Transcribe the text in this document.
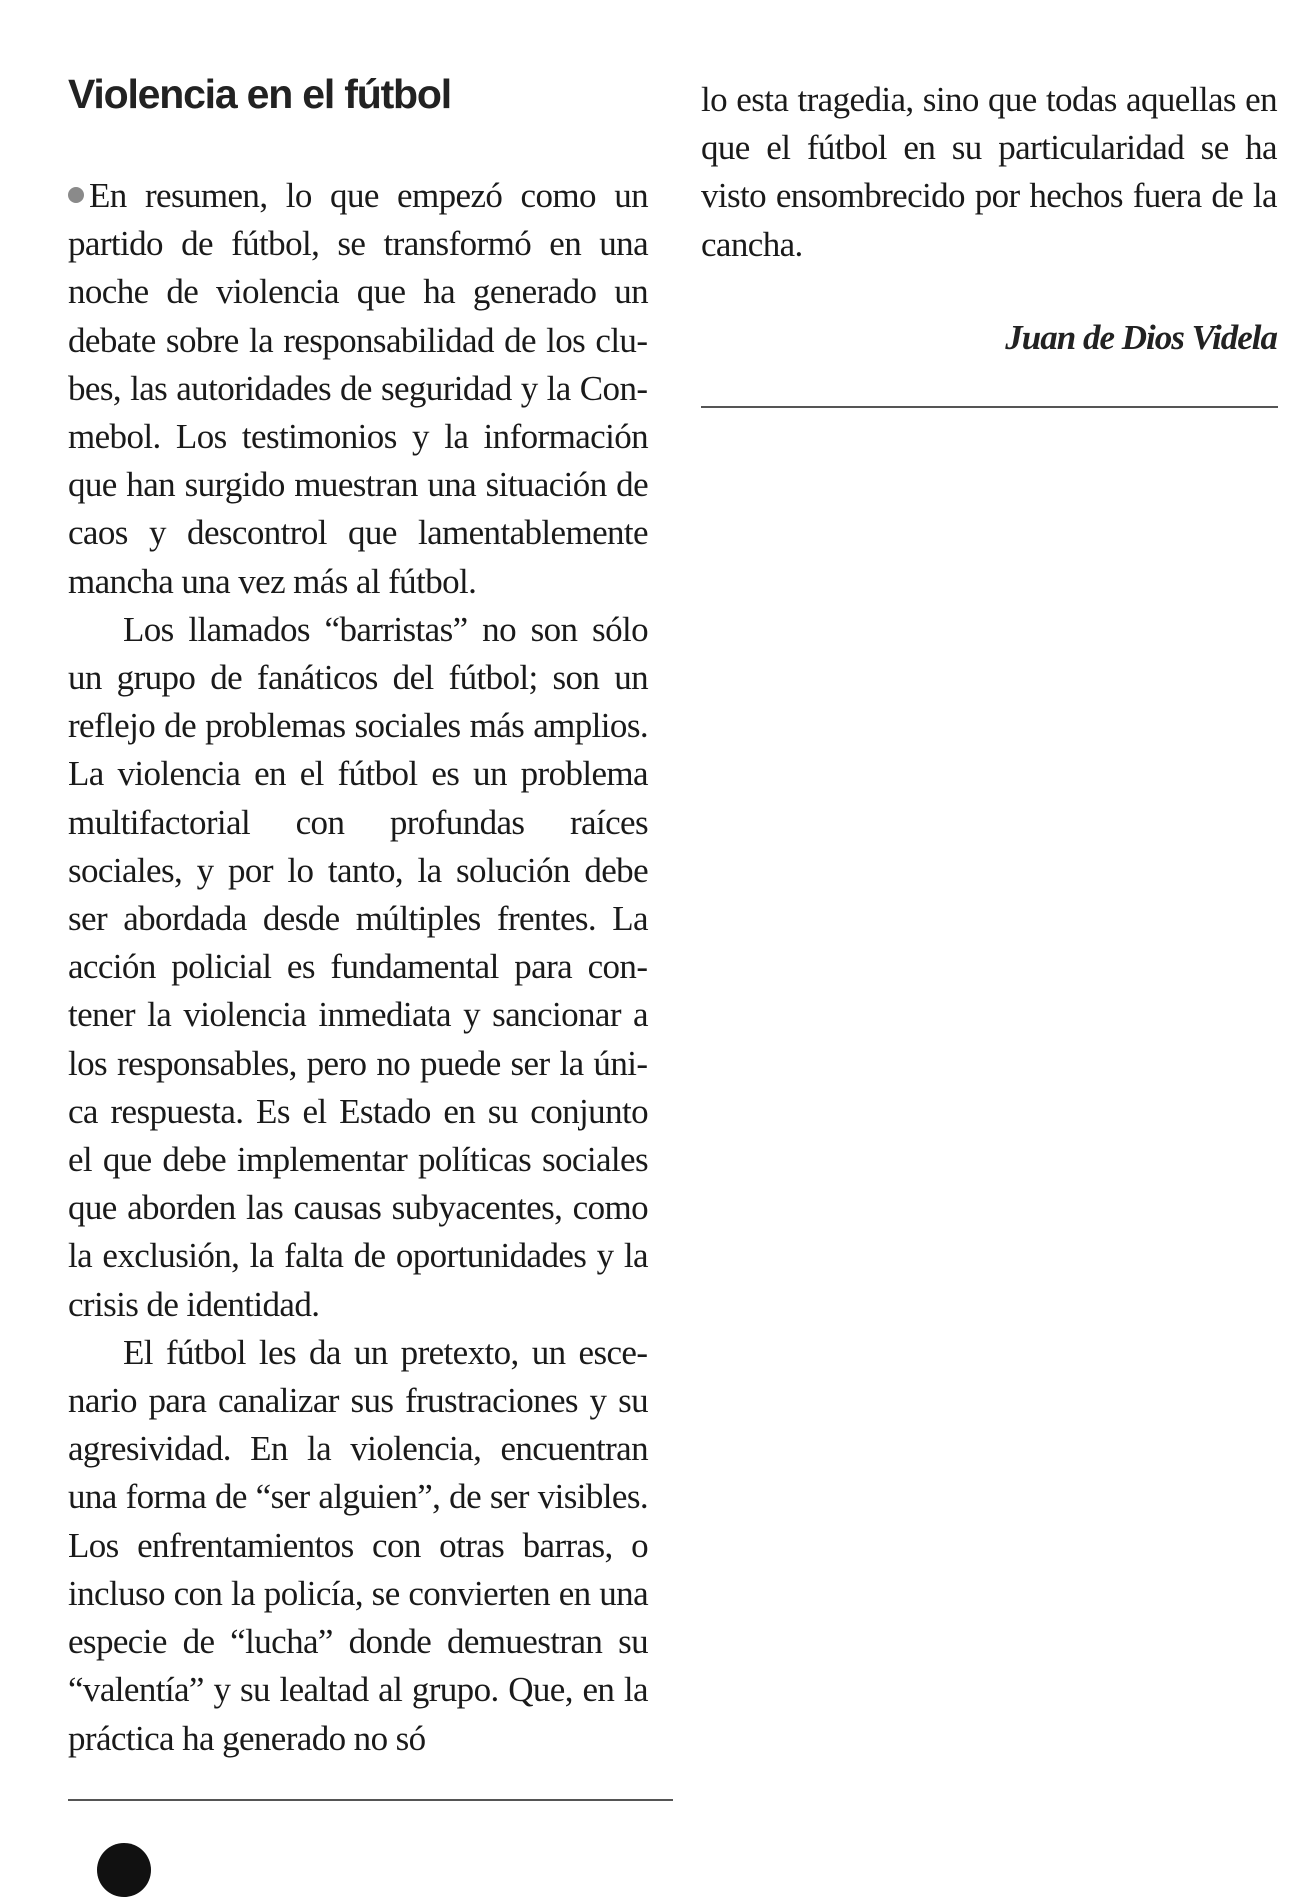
Violencia en el fútbol

En resumen, lo que empezó como un partido de fútbol, se transformó en una noche de violencia que ha generado un debate sobre la responsabilidad de los clubes, las autoridades de seguridad y la Conmebol. Los testimonios y la información que han surgido muestran una situación de caos y descontrol que lamentablemente mancha una vez más al fútbol.

Los llamados “barristas” no son sólo un grupo de fanáticos del fútbol; son un reflejo de problemas sociales más amplios. La violencia en el fútbol es un problema multifactorial con profundas raíces sociales, y por lo tanto, la solución debe ser abordada desde múltiples frentes. La acción policial es fundamental para contener la violencia inmediata y sancionar a los responsables, pero no puede ser la única respuesta. Es el Estado en su conjunto el que debe implementar políticas sociales que aborden las causas subyacentes, como la exclusión, la falta de oportunidades y la crisis de identidad.

El fútbol les da un pretexto, un escenario para canalizar sus frustraciones y su agresividad. En la violencia, encuentran una forma de “ser alguien”, de ser visibles. Los enfrentamientos con otras barras, o incluso con la policía, se convierten en una especie de “lucha” donde demuestran su “valentía” y su lealtad al grupo. Que, en la práctica ha generado no só

lo esta tragedia, sino que todas aquellas en que el fútbol en su particularidad se ha visto ensombrecido por hechos fuera de la cancha.

Juan de Dios Videla
